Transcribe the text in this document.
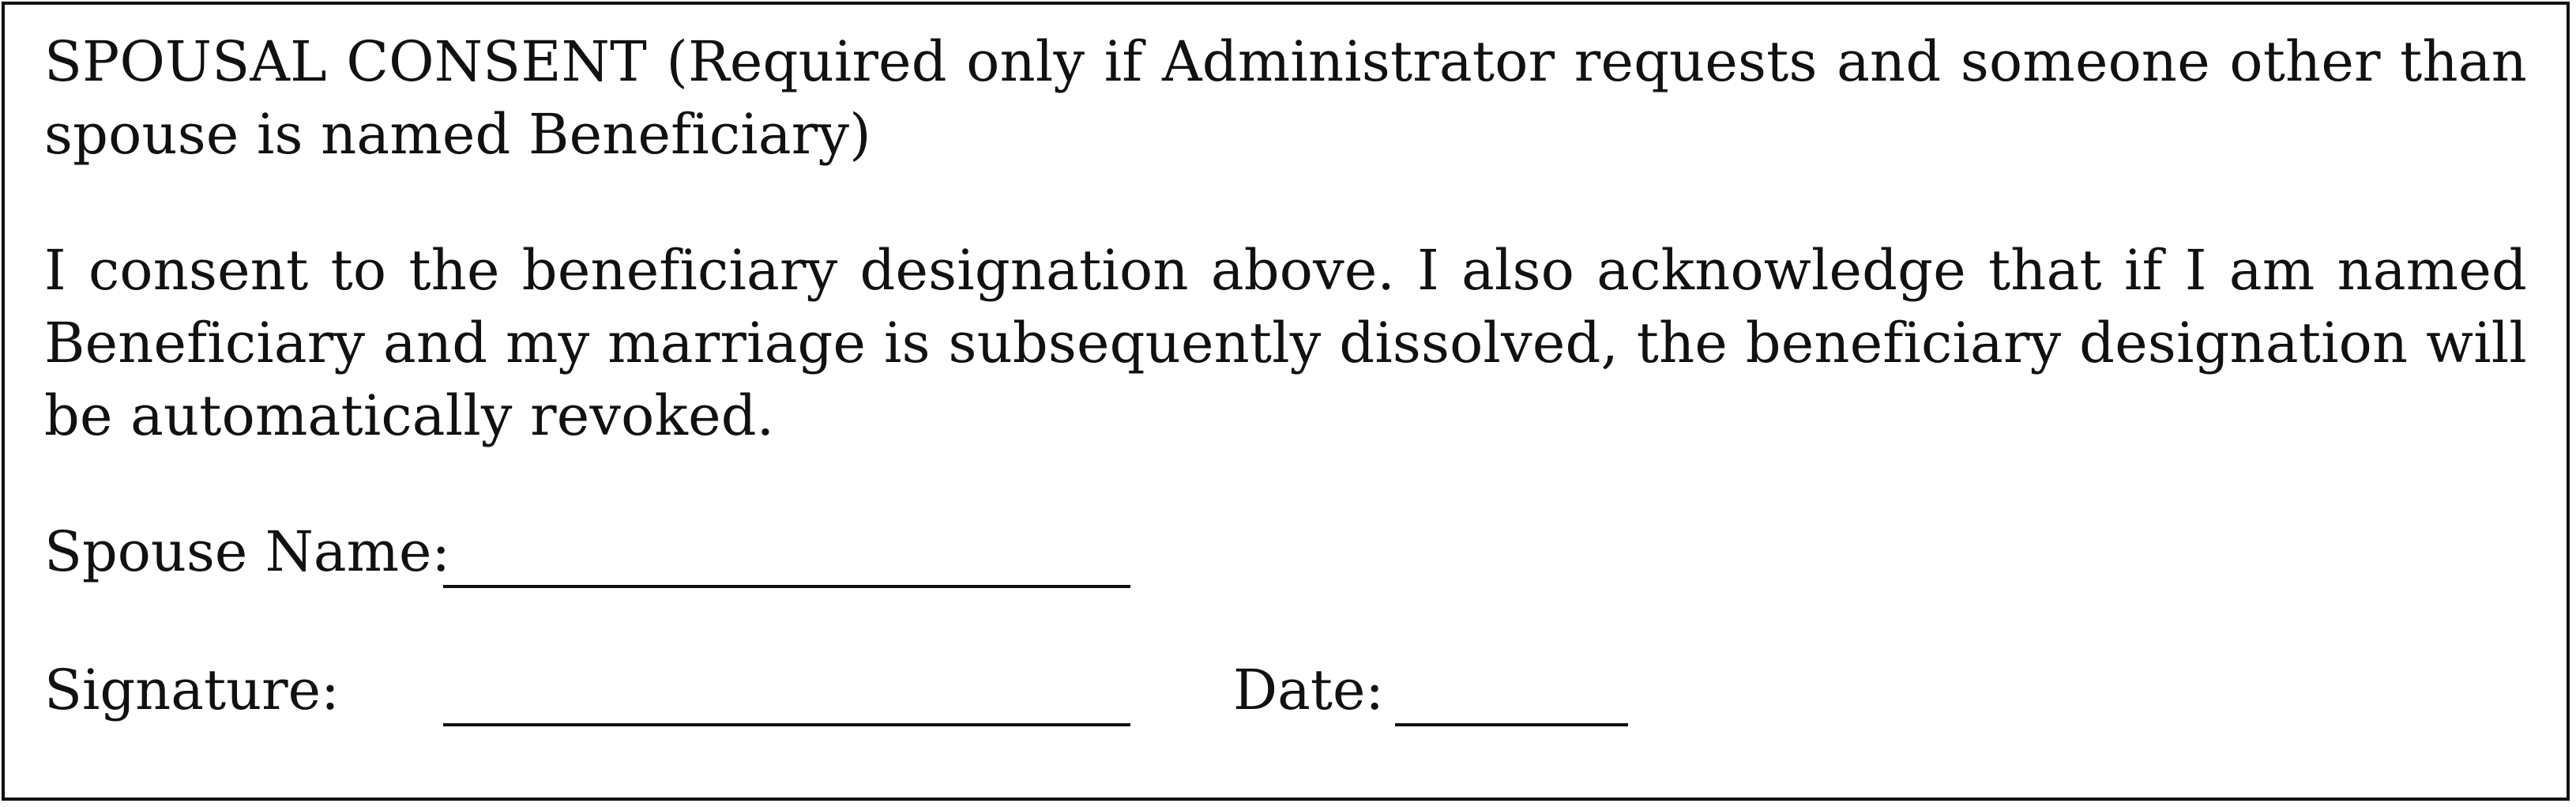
SPOUSAL CONSENT (Required only if Administrator requests and someone other than spouse is named Beneficiary)

I consent to the beneficiary designation above. I also acknowledge that if I am named Beneficiary and my marriage is subsequently dissolved, the beneficiary designation will be automatically revoked.

Spouse Name:
Signature:	Date:
